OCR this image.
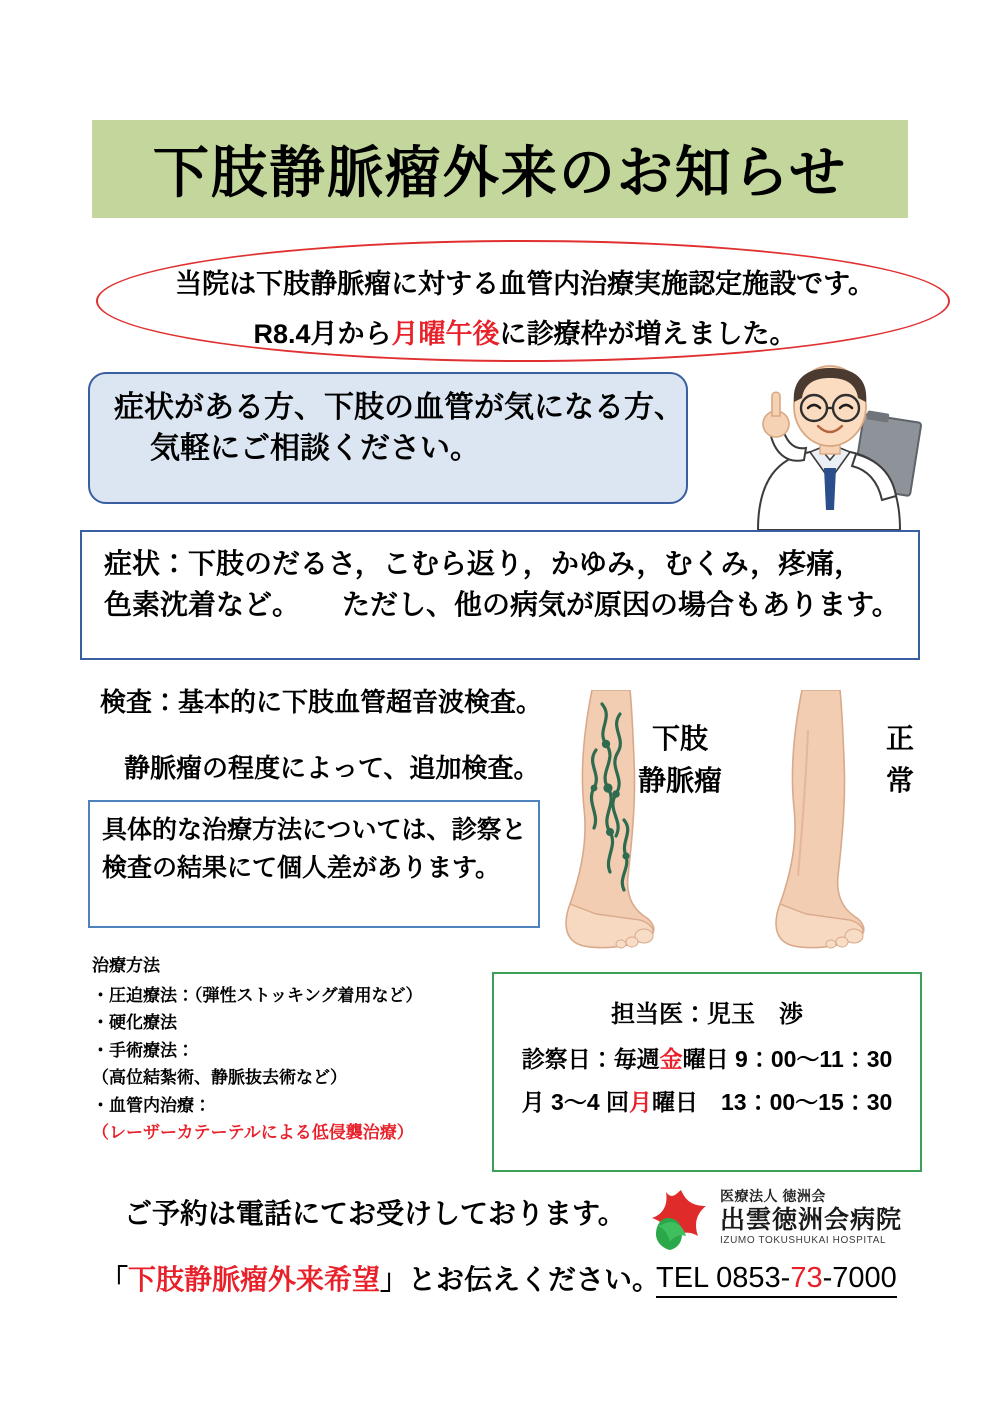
下肢静脈瘤外来のお知らせ
当院は下肢静脈瘤に対する血管内治療実施認定施設です。
R8.4月から月曜午後に診療枠が増えました。
症状がある方、下肢の血管が気になる方、
気軽にご相談ください。
症状：下肢のだるさ，こむら返り，かゆみ，むくみ，疼痛，
色素沈着など。　　ただし、他の病気が原因の場合もあります。
検査：基本的に下肢血管超音波検査。
静脈瘤の程度によって、追加検査。
具体的な治療方法については、診察と
検査の結果にて個人差があります。
下肢
静脈瘤
正常
治療方法
・圧迫療法：（弾性ストッキング着用など）
・硬化療法
・手術療法：
（高位結紮術、静脈抜去術など）
・血管内治療：
（レーザーカテーテルによる低侵襲治療）
担当医：児玉　渉
診察日：毎週金曜日 9：00〜11：30
月 3〜4 回月曜日　13：00〜15：30
ご予約は電話にてお受けしております。
「下肢静脈瘤外来希望」とお伝えください。
医療法人 徳洲会
出雲徳洲会病院
IZUMO TOKUSHUKAI HOSPITAL
TEL 0853-73-7000
